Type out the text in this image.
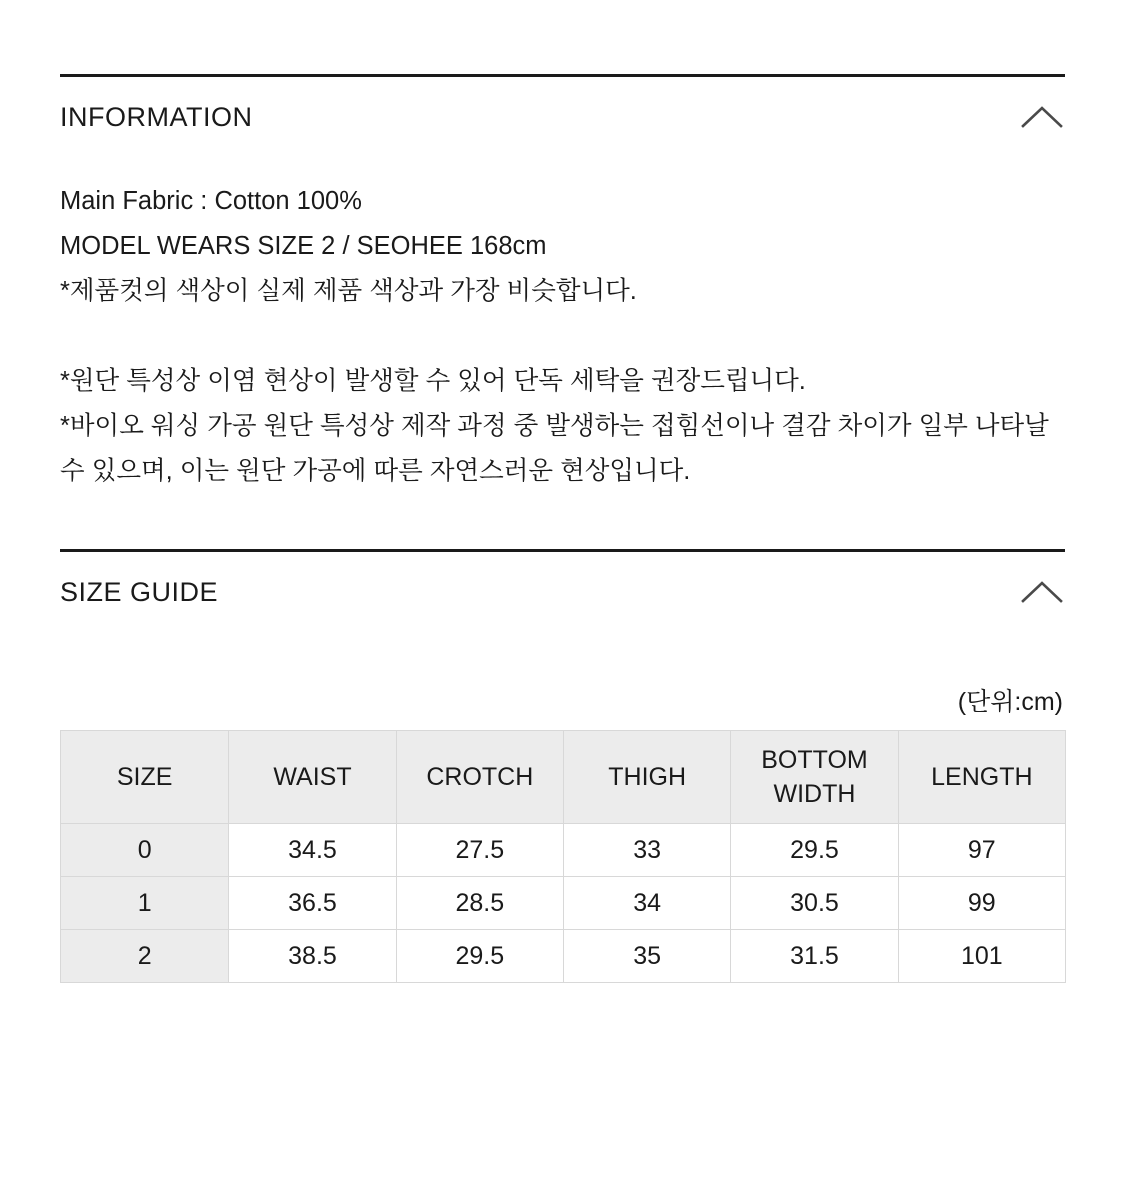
INFORMATION

Main Fabric : Cotton 100%

MODEL WEARS SIZE 2 / SEOHEE 168cm

*제품컷의 색상이 실제 제품 색상과 가장 비슷합니다.

*원단 특성상 이염 현상이 발생할 수 있어 단독 세탁을 권장드립니다.

*바이오 워싱 가공 원단 특성상 제작 과정 중 발생하는 접힘선이나 결감 차이가 일부 나타날 수 있으며, 이는 원단 가공에 따른 자연스러운 현상입니다.

SIZE GUIDE
(단위:cm)
SIZE	WAIST	CROTCH	THIGH	BOTTOM WIDTH	LENGTH
0	34.5	27.5	33	29.5	97
1	36.5	28.5	34	30.5	99
2	38.5	29.5	35	31.5	101
